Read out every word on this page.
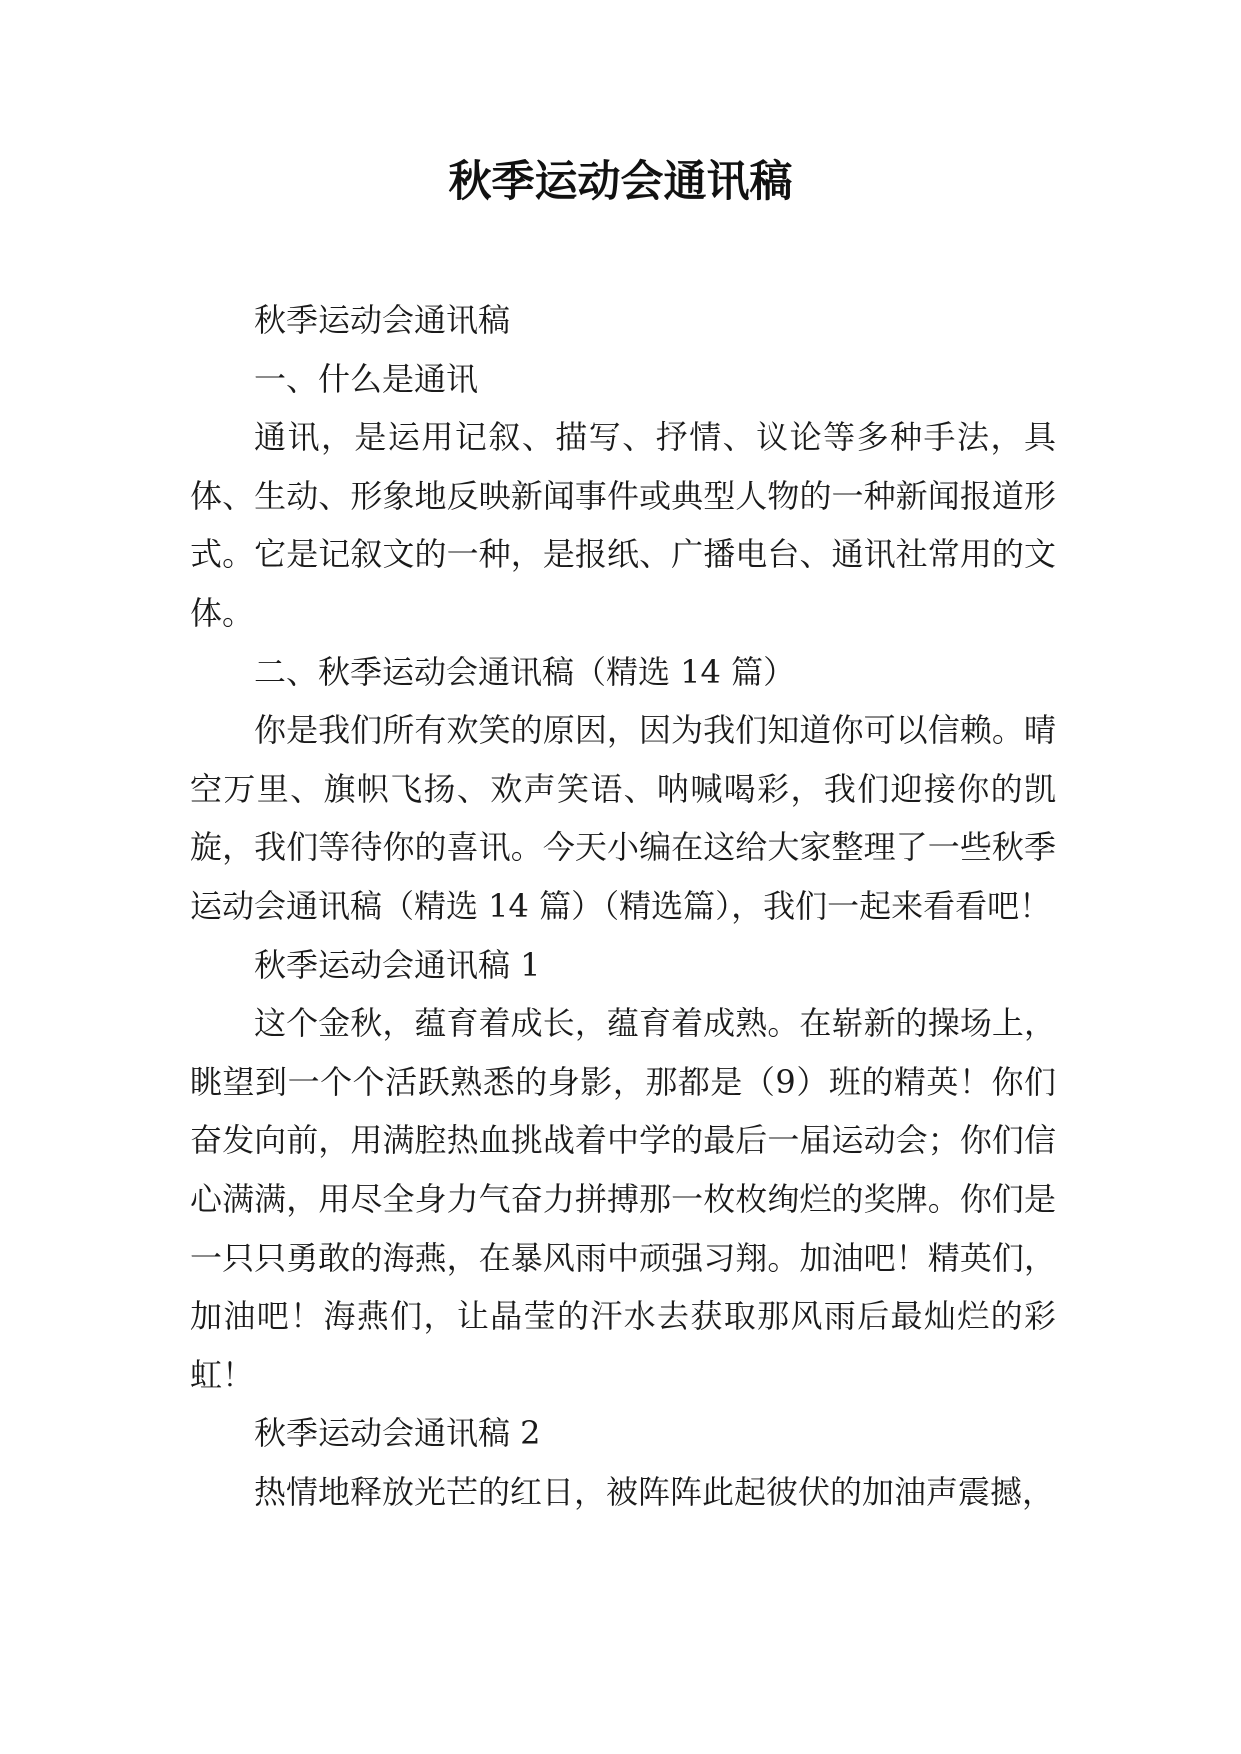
秋季运动会通讯稿

秋季运动会通讯稿

一、什么是通讯

通讯，是运用记叙、描写、抒情、议论等多种手法，具体、生动、形象地反映新闻事件或典型人物的一种新闻报道形式。它是记叙文的一种，是报纸、广播电台、通讯社常用的文体。

二、秋季运动会通讯稿（精选 14 篇）

你是我们所有欢笑的原因，因为我们知道你可以信赖。晴空万里、旗帜飞扬、欢声笑语、呐喊喝彩，我们迎接你的凯旋，我们等待你的喜讯。今天小编在这给大家整理了一些秋季运动会通讯稿（精选 14 篇）（精选篇），我们一起来看看吧！

秋季运动会通讯稿 1

这个金秋，蕴育着成长，蕴育着成熟。在崭新的操场上，眺望到一个个活跃熟悉的身影，那都是（9）班的精英！你们奋发向前，用满腔热血挑战着中学的最后一届运动会；你们信心满满，用尽全身力气奋力拼搏那一枚枚绚烂的奖牌。你们是一只只勇敢的海燕，在暴风雨中顽强习翔。加油吧！精英们，加油吧！海燕们，让晶莹的汗水去获取那风雨后最灿烂的彩虹！

秋季运动会通讯稿 2

热情地释放光芒的红日，被阵阵此起彼伏的加油声震撼，
